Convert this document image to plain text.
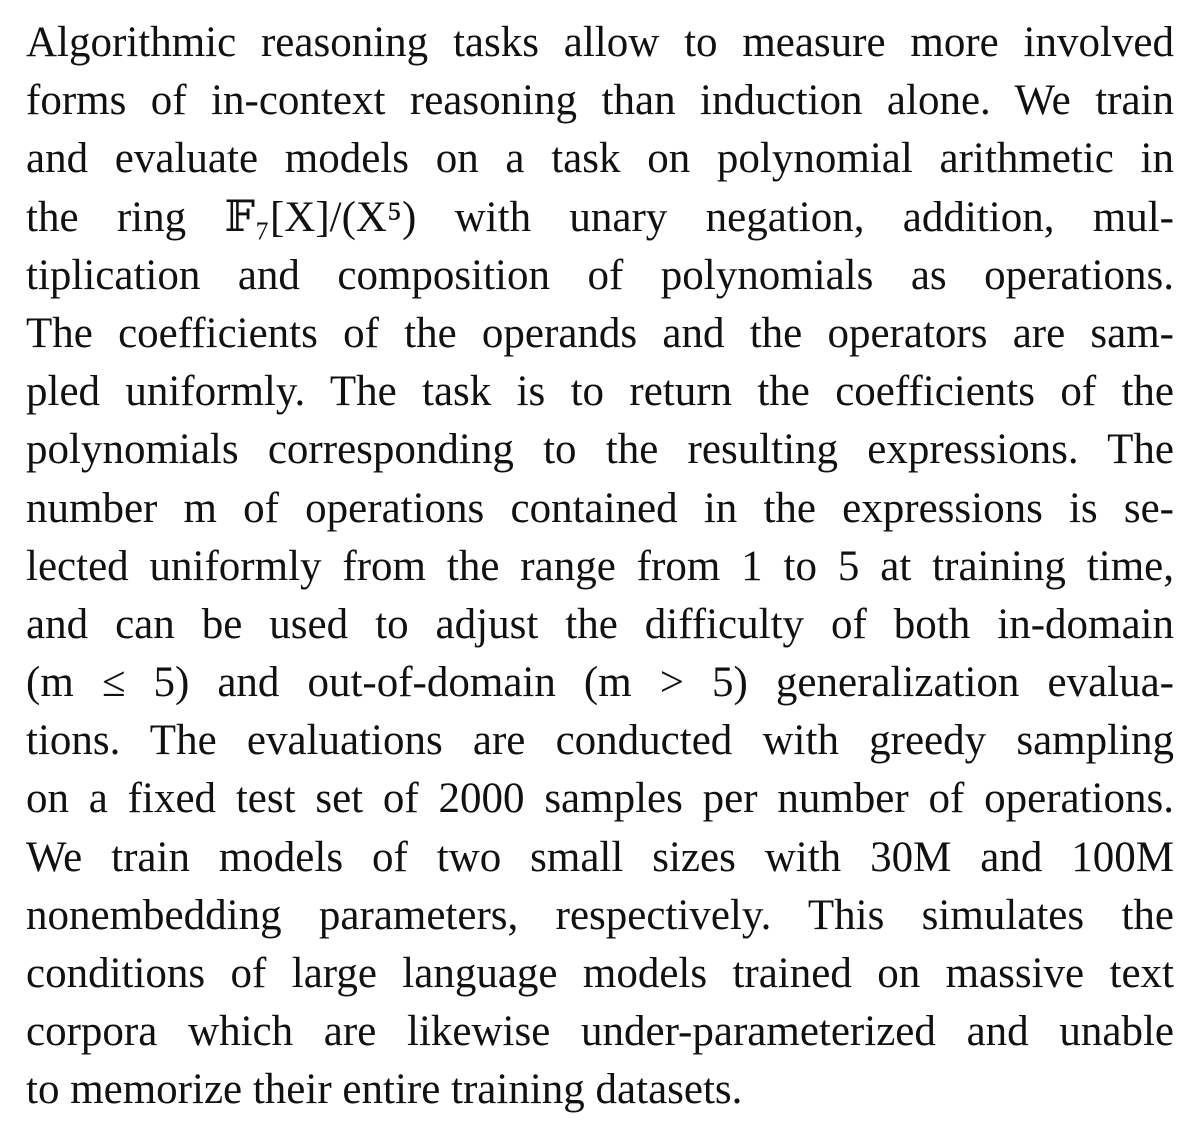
Algorithmic reasoning tasks allow to measure more involved
forms of in-context reasoning than induction alone. We train
and evaluate models on a task on polynomial arithmetic in
the ring 𝔽₇[X]/(X⁵) with unary negation, addition, mul-
tiplication and composition of polynomials as operations.
The coefficients of the operands and the operators are sam-
pled uniformly. The task is to return the coefficients of the
polynomials corresponding to the resulting expressions. The
number m of operations contained in the expressions is se-
lected uniformly from the range from 1 to 5 at training time,
and can be used to adjust the difficulty of both in-domain
(m ≤ 5) and out-of-domain (m > 5) generalization evalua-
tions. The evaluations are conducted with greedy sampling
on a fixed test set of 2000 samples per number of operations.
We train models of two small sizes with 30M and 100M
nonembedding parameters, respectively. This simulates the
conditions of large language models trained on massive text
corpora which are likewise under-parameterized and unable
to memorize their entire training datasets.
